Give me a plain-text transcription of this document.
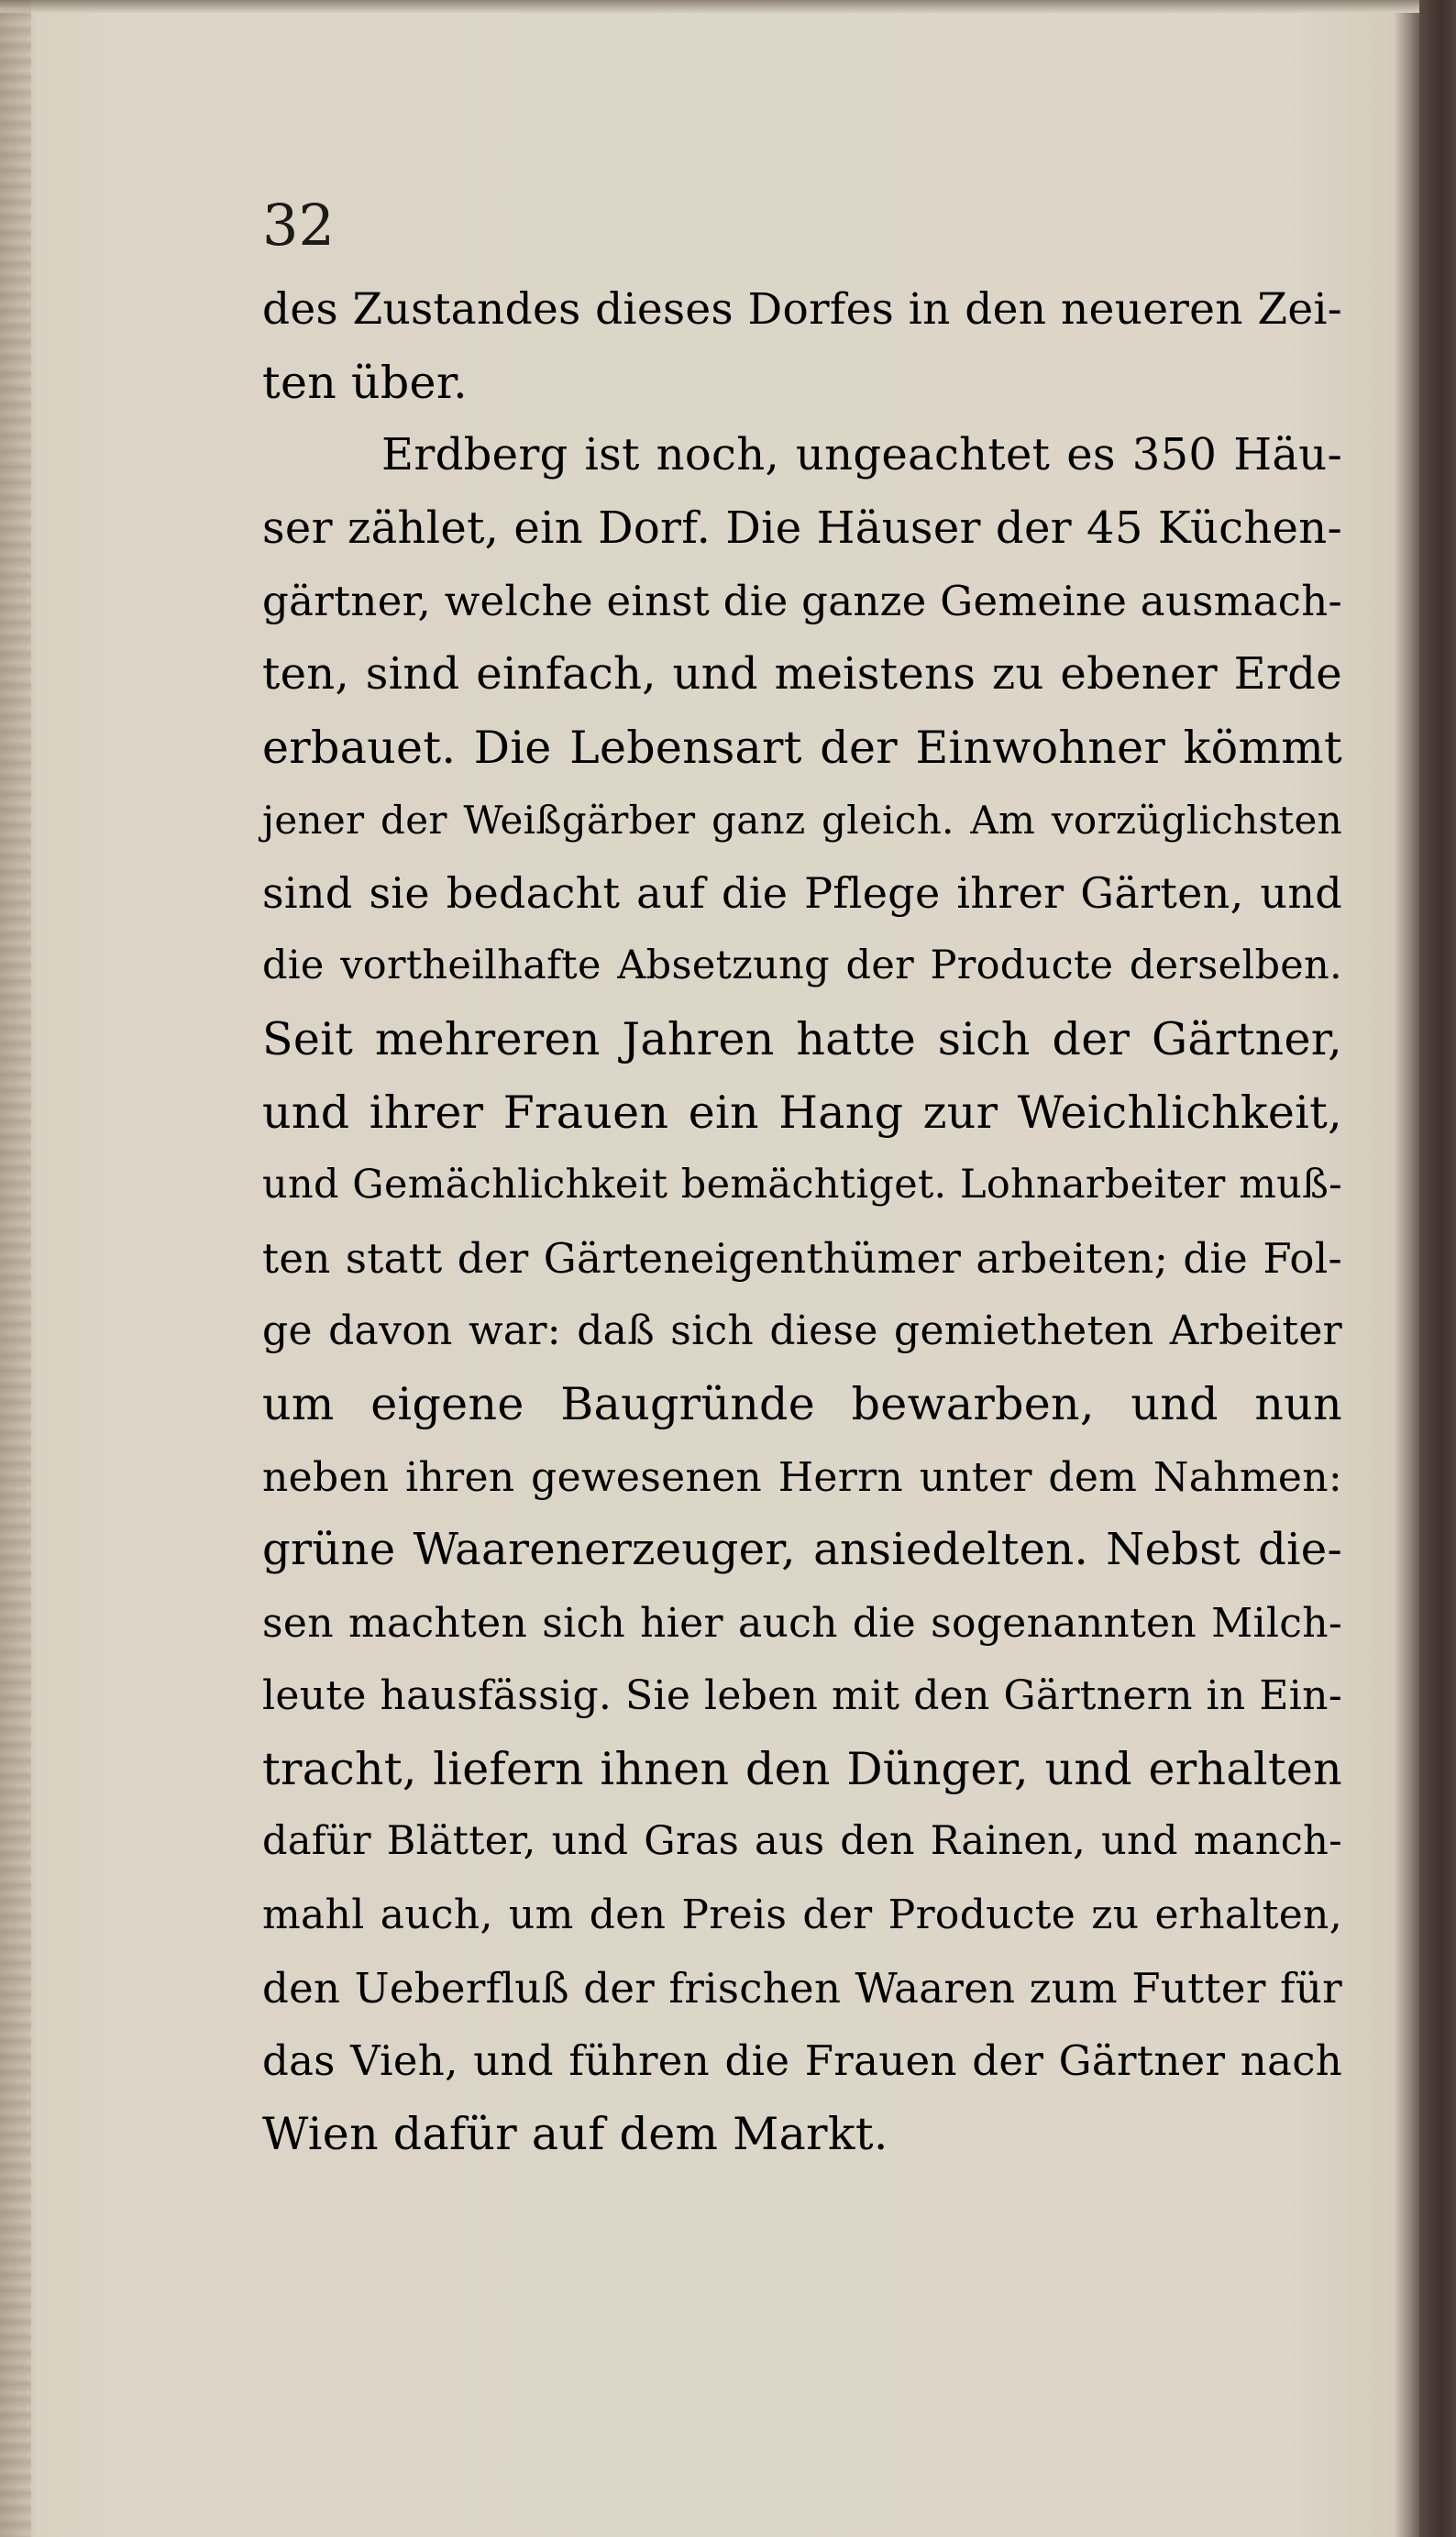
32
des Zustandes dieses Dorfes in den neueren Zei-
ten über.
Erdberg ist noch, ungeachtet es 350 Häu-
ser zählet, ein Dorf. Die Häuser der 45 Küchen-
gärtner, welche einst die ganze Gemeine ausmach-
ten, sind einfach, und meistens zu ebener Erde
erbauet. Die Lebensart der Einwohner kömmt
jener der Weißgärber ganz gleich. Am vorzüglichsten
sind sie bedacht auf die Pflege ihrer Gärten, und
die vortheilhafte Absetzung der Producte derselben.
Seit mehreren Jahren hatte sich der Gärtner,
und ihrer Frauen ein Hang zur Weichlichkeit,
und Gemächlichkeit bemächtiget. Lohnarbeiter muß-
ten statt der Gärteneigenthümer arbeiten; die Fol-
ge davon war: daß sich diese gemietheten Arbeiter
um eigene Baugründe bewarben, und nun
neben ihren gewesenen Herrn unter dem Nahmen:
grüne Waarenerzeuger, ansiedelten. Nebst die-
sen machten sich hier auch die sogenannten Milch-
leute hausfässig. Sie leben mit den Gärtnern in Ein-
tracht, liefern ihnen den Dünger, und erhalten
dafür Blätter, und Gras aus den Rainen, und manch-
mahl auch, um den Preis der Producte zu erhalten,
den Ueberfluß der frischen Waaren zum Futter für
das Vieh, und führen die Frauen der Gärtner nach
Wien dafür auf dem Markt.
